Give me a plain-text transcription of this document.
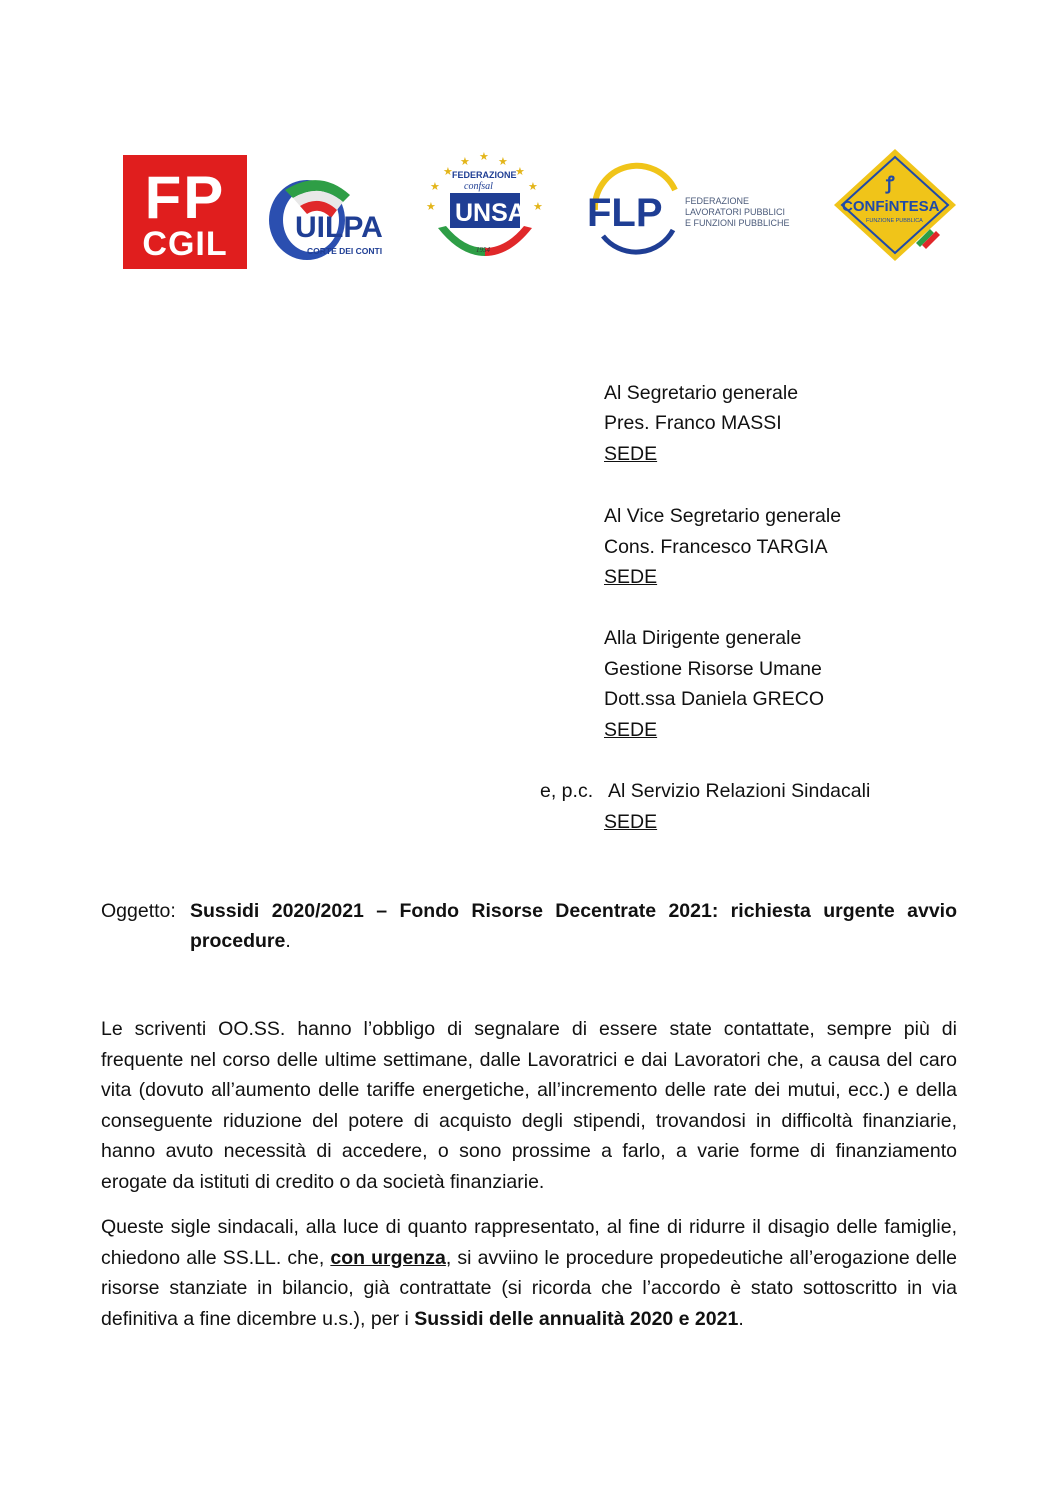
FP
CGIL	UILPA
CORTE DEI CONTI
★
★	★
★	★
★	★
★	★
FEDERAZIONE
confsal
UNSA
1954
FLP FEDERAZIONE
LAVORATORI PUBBLICI
E FUNZIONI PUBBLICHE
ꝭ
CONFiNTESA
FUNZIONE PUBBLICA
Al Segretario generale
Pres. Franco MASSI
SEDE
Al Vice Segretario generale
Cons. Francesco TARGIA
SEDE
Alla Dirigente generale
Gestione Risorse Umane
Dott.ssa Daniela GRECO
SEDE
e, p.c. Al Servizio Relazioni Sindacali
SEDE
Oggetto: Sussidi 2020/2021 – Fondo Risorse Decentrate 2021: richiesta urgente avvio
procedure.
Le scriventi OO.SS. hanno l’obbligo di segnalare di essere state contattate, sempre più di frequente nel corso delle ultime settimane, dalle Lavoratrici e dai Lavoratori che, a causa del caro vita (dovuto all’aumento delle tariffe energetiche, all’incremento delle rate dei mutui, ecc.) e della conseguente riduzione del potere di acquisto degli stipendi, trovandosi in difficoltà finanziarie, hanno avuto necessità di accedere, o sono prossime a farlo, a varie forme di finanziamento erogate da istituti di credito o da società finanziarie.
Queste sigle sindacali, alla luce di quanto rappresentato, al fine di ridurre il disagio delle famiglie, chiedono alle SS.LL. che, con urgenza, si avviino le procedure propedeutiche all’erogazione delle risorse stanziate in bilancio, già contrattate (si ricorda che l’accordo è stato sottoscritto in via definitiva a fine dicembre u.s.), per i Sussidi delle annualità 2020 e 2021.
